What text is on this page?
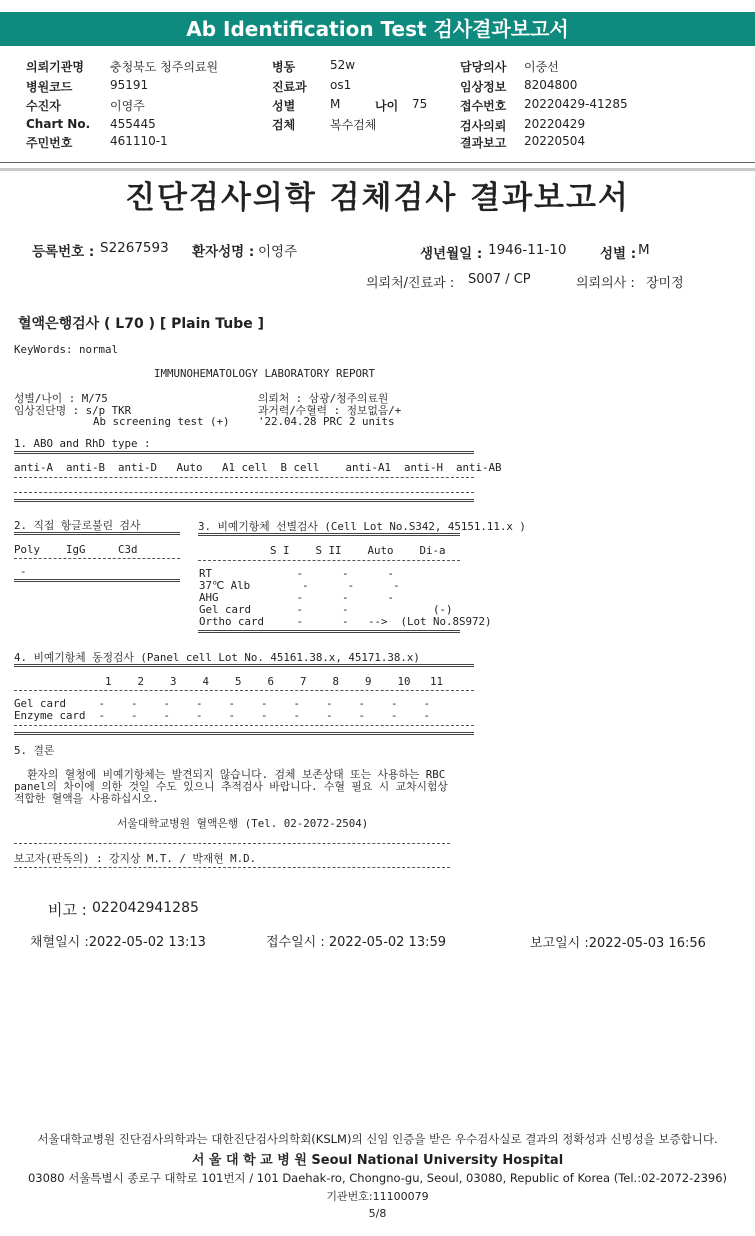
Ab Identification Test 검사결과보고서
의뢰기관명 충청북도 청주의료원
병원코드	95191
수진자	이영주
Chart No. 455445
주민번호	461110-1
병동	52w
진료과 os1
성별	M	나이 75
검체	복수검체
담당의사 이중선
임상정보 8204800
접수번호 20220429-41285
검사의뢰 20220429
결과보고 20220504
진단검사의학 검체검사 결과보고서
등록번호 : S2267593 환자성명 : 이영주	생년월일 : 1946-11-10 성별 : M
의뢰처/진료과 : S007 / CP	의뢰의사 : 장미정
혈액은행검사 ( L70 ) [ Plain Tube ]
KeyWords: normal
IMMUNOHEMATOLOGY LABORATORY REPORT
성별/나이 : M/75	의뢰처 : 삼광/청주의료원
임상진단명 : s/p TKR	과거력/수혈력 : 정보없음/+
Ab screening test (+)	'22.04.28 PRC 2 units
1. ABO and RhD type :
anti-A  anti-B  anti-D   Auto   A1 cell  B cell    anti-A1  anti-H  anti-AB
2. 직접 항글로불린 검사
Poly    IgG     C3d
-
3. 비예기항체 선별검사 (Cell Lot No.S342, 45151.11.x )
S I    S II    Auto    Di-a
RT             -      -      -
37℃ Alb        -      -      -
AHG            -      -      -
Gel card       -      -             (-)
Ortho card     -      -   -->  (Lot No.8S972)
4. 비예기항체 동정검사 (Panel cell Lot No. 45161.38.x, 45171.38.x)
1    2    3    4    5    6    7    8    9    10   11
Gel card     -    -    -    -    -    -    -    -    -    -    -
Enzyme card  -    -    -    -    -    -    -    -    -    -    -
5. 결론
환자의 혈청에 비예기항체는 발견되지 않습니다. 검체 보존상태 또는 사용하는 RBC
panel의 차이에 의한 것일 수도 있으니 추적검사 바랍니다. 수혈 필요 시 교차시험상
적합한 혈액을 사용하십시오.
서울대학교병원 혈액은행 (Tel. 02-2072-2504)
보고자(판독의) : 강지상 M.T. / 박재현 M.D.
비고 : 022042941285
채혈일시 :2022-05-02 13:13	접수일시 : 2022-05-02 13:59	보고일시 :2022-05-03 16:56
서울대학교병원 진단검사의학과는 대한진단검사의학회(KSLM)의 신임 인증을 받은 우수검사실로 결과의 정확성과 신빙성을 보증합니다.
서 울 대 학 교 병 원 Seoul National University Hospital
03080 서울특별시 종로구 대학로 101번지 / 101 Daehak-ro, Chongno-gu, Seoul, 03080, Republic of Korea (Tel.:02-2072-2396)
기관번호:11100079
5/8
